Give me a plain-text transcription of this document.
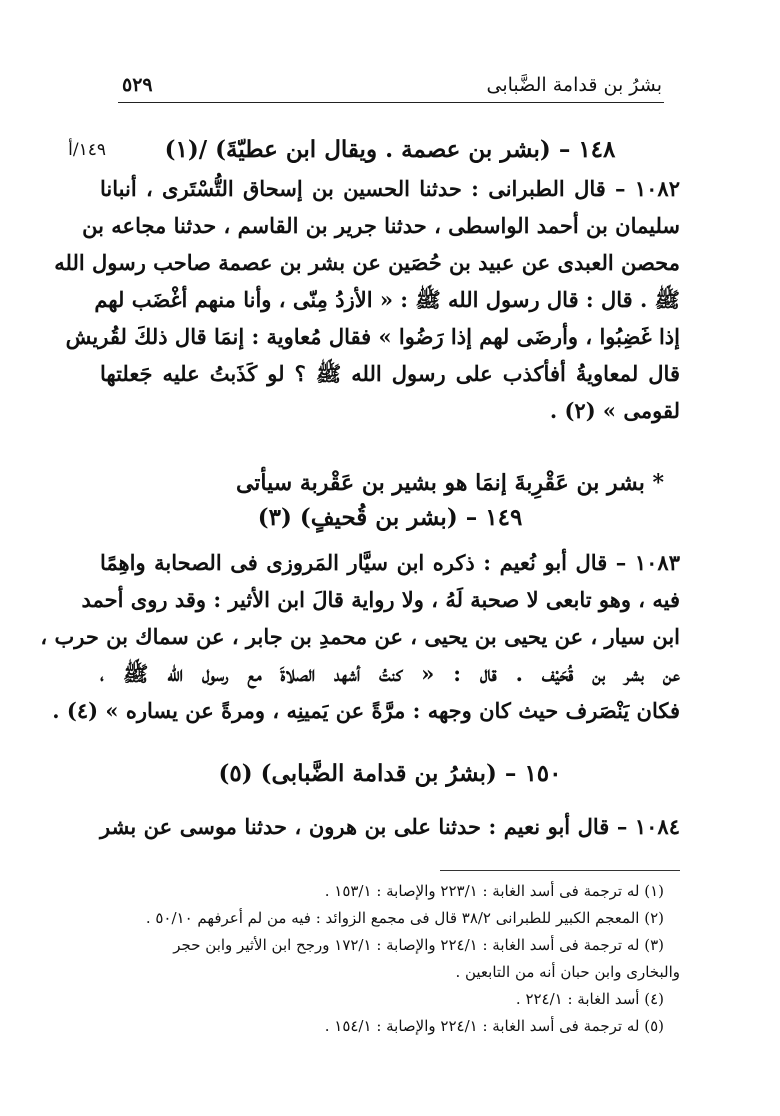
بشرُ بن قدامة الضَّبابى
٥٢٩
١٤٩/أ	١٤٨ – (بشر بن عصمة . ويقال ابن عطيّةَ) /(١)
١٠٨٢ – قال الطبرانى : حدثنا الحسين بن إسحاق التُّسْتَرى ، أنبانا
سليمان بن أحمد الواسطى ، حدثنا جرير بن القاسم ، حدثنا مجاعه بن
محصن العبدى عن عبيد بن حُصَين عن بشر بن عصمة صاحب رسول الله
ﷺ . قال : قال رسول الله ﷺ : « الأزدُ مِنّى ، وأنا منهم أغْضَب لهم
إذا غَضِبُوا ، وأرضَى لهم إذا رَضُوا » فقال مُعاوية : إنمَا قال ذلكَ لقُريش
قال لمعاويةُ أفأكذب على رسول الله ﷺ ؟ لو كَذَبتُ عليه جَعلتها
لقومى » (٢) .
* بشر بن عَقْرِبةَ إنمَا هو بشير بن عَقْربة سيأتى
١٤٩ – (بشر بن قُحيفٍ) (٣)
١٠٨٣ – قال أبو نُعيم : ذكره ابن سيَّار المَروزى فى الصحابة واهِمًا
فيه ، وهو تابعى لا صحبة لَهُ ، ولا رواية قالَ ابن الأثير : وقد روى أحمد
ابن سيار ، عن يحيى بن يحيى ، عن محمدِ بن جابر ، عن سماك بن حرب ،
عن بشر بن قُحَيْف . قال : « كنتُ أشهد الصلاةَ مع رسول الله ﷺ ،
فكان يَنْصَرف حيث كان وجهه : مرَّةً عن يَمينِه ، ومرةً عن يساره » (٤) .
١٥٠ – (بشرُ بن قدامة الضَّبابى) (٥)
١٠٨٤ – قال أبو نعيم : حدثنا على بن هرون ، حدثنا موسى عن بشر
(١) له ترجمة فى أسد الغابة : ٢٢٣/١ والإصابة : ١٥٣/١ .
(٢) المعجم الكبير للطبرانى ٣٨/٢ قال فى مجمع الزوائد : فيه من لم أعرفهم ٥٠/١٠ .
(٣) له ترجمة فى أسد الغابة : ٢٢٤/١ والإصابة : ١٧٢/١ ورجح ابن الأثير وابن حجر
والبخارى وابن حبان أنه من التابعين .
(٤) أسد الغابة : ٢٢٤/١ .
(٥) له ترجمة فى أسد الغابة : ٢٢٤/١ والإصابة : ١٥٤/١ .
